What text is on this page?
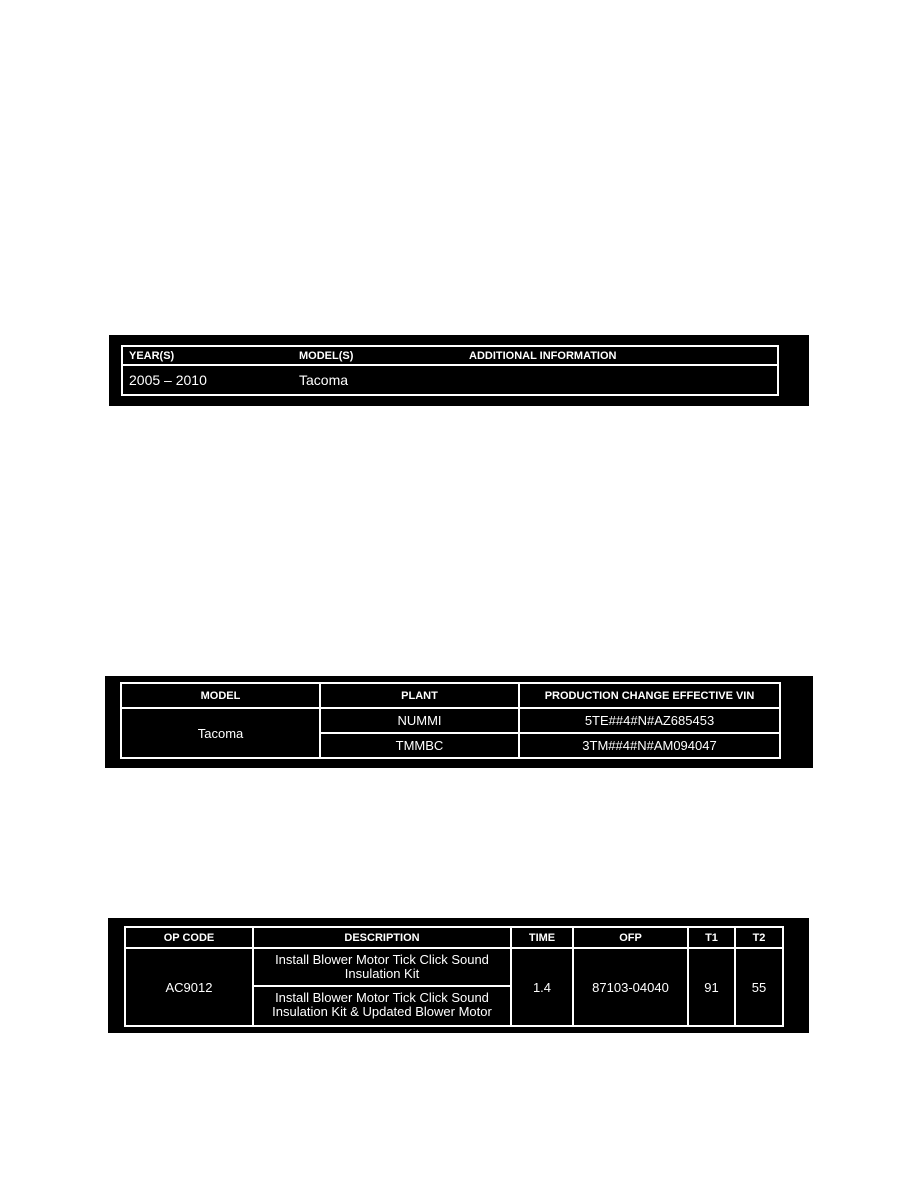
YEAR(S)	MODEL(S)	ADDITIONAL INFORMATION
2005 – 2010	Tacoma
MODEL	PLANT	PRODUCTION CHANGE EFFECTIVE VIN
Tacoma	NUMMI	5TE##4#N#AZ685453
	TMMBC	3TM##4#N#AM094047
OP CODE	DESCRIPTION	TIME	OFP	T1	T2
AC9012	Install Blower Motor Tick Click Sound Insulation Kit	1.4	87103-04040	91	55

	Install Blower Motor Tick Click Sound Insulation Kit & Updated Blower Motor				
